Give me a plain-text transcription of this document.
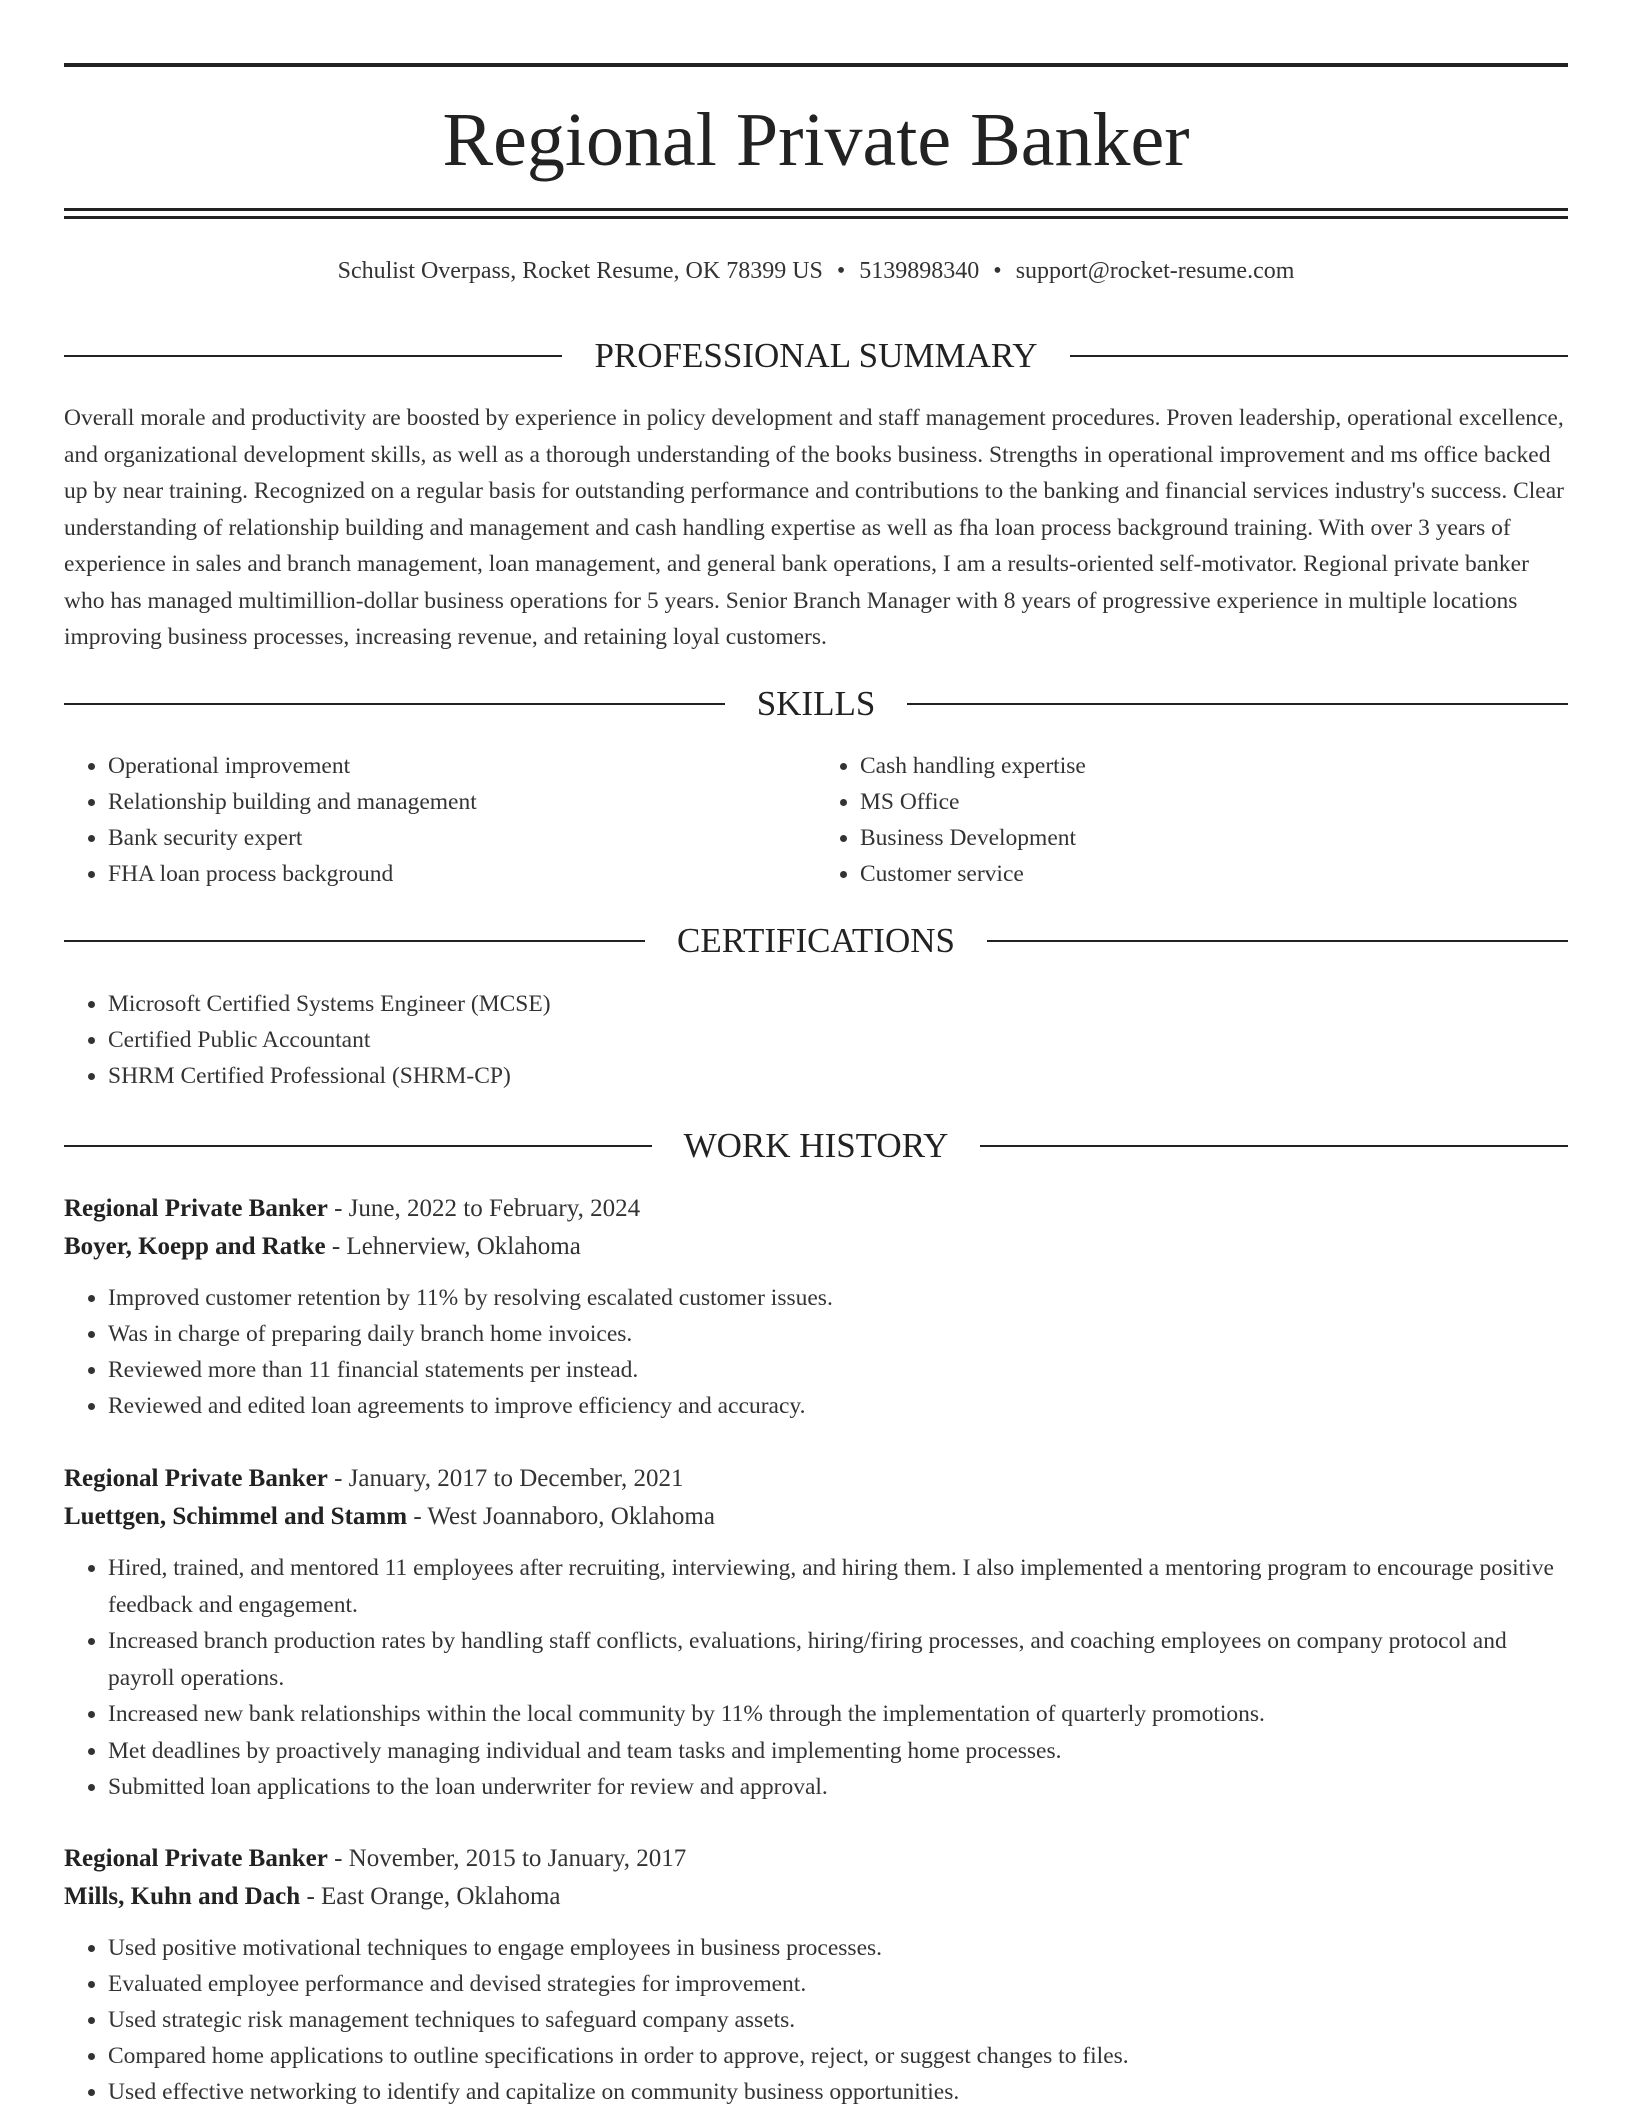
Regional Private Banker
Schulist Overpass, Rocket Resume, OK 78399 US • 5139898340 • support@rocket-resume.com
PROFESSIONAL SUMMARY

Overall morale and productivity are boosted by experience in policy development and staff management procedures. Proven leadership, operational excellence, and organizational development skills, as well as a thorough understanding of the books business. Strengths in operational improvement and ms office backed up by near training. Recognized on a regular basis for outstanding performance and contributions to the banking and financial services industry's success. Clear understanding of relationship building and management and cash handling expertise as well as fha loan process background training. With over 3 years of experience in sales and branch management, loan management, and general bank operations, I am a results-oriented self-motivator. Regional private banker who has managed multimillion-dollar business operations for 5 years. Senior Branch Manager with 8 years of progressive experience in multiple locations improving business processes, increasing revenue, and retaining loyal customers.

SKILLS
• Operational improvement
• Relationship building and management
• Bank security expert
• FHA loan process background
• Cash handling expertise
• MS Office
• Business Development
• Customer service
CERTIFICATIONS
• Microsoft Certified Systems Engineer (MCSE)
• Certified Public Accountant
• SHRM Certified Professional (SHRM-CP)
WORK HISTORY

Regional Private Banker - June, 2022 to February, 2024

Boyer, Koepp and Ratke - Lehnerview, Oklahoma

• Improved customer retention by 11% by resolving escalated customer issues.
• Was in charge of preparing daily branch home invoices.
• Reviewed more than 11 financial statements per instead.
• Reviewed and edited loan agreements to improve efficiency and accuracy.

Regional Private Banker - January, 2017 to December, 2021

Luettgen, Schimmel and Stamm - West Joannaboro, Oklahoma

• Hired, trained, and mentored 11 employees after recruiting, interviewing, and hiring them. I also implemented a mentoring program to encourage positive feedback and engagement.
• Increased branch production rates by handling staff conflicts, evaluations, hiring/firing processes, and coaching employees on company protocol and payroll operations.
• Increased new bank relationships within the local community by 11% through the implementation of quarterly promotions.
• Met deadlines by proactively managing individual and team tasks and implementing home processes.
• Submitted loan applications to the loan underwriter for review and approval.

Regional Private Banker - November, 2015 to January, 2017

Mills, Kuhn and Dach - East Orange, Oklahoma

• Used positive motivational techniques to engage employees in business processes.
• Evaluated employee performance and devised strategies for improvement.
• Used strategic risk management techniques to safeguard company assets.
• Compared home applications to outline specifications in order to approve, reject, or suggest changes to files.
• Used effective networking to identify and capitalize on community business opportunities.
